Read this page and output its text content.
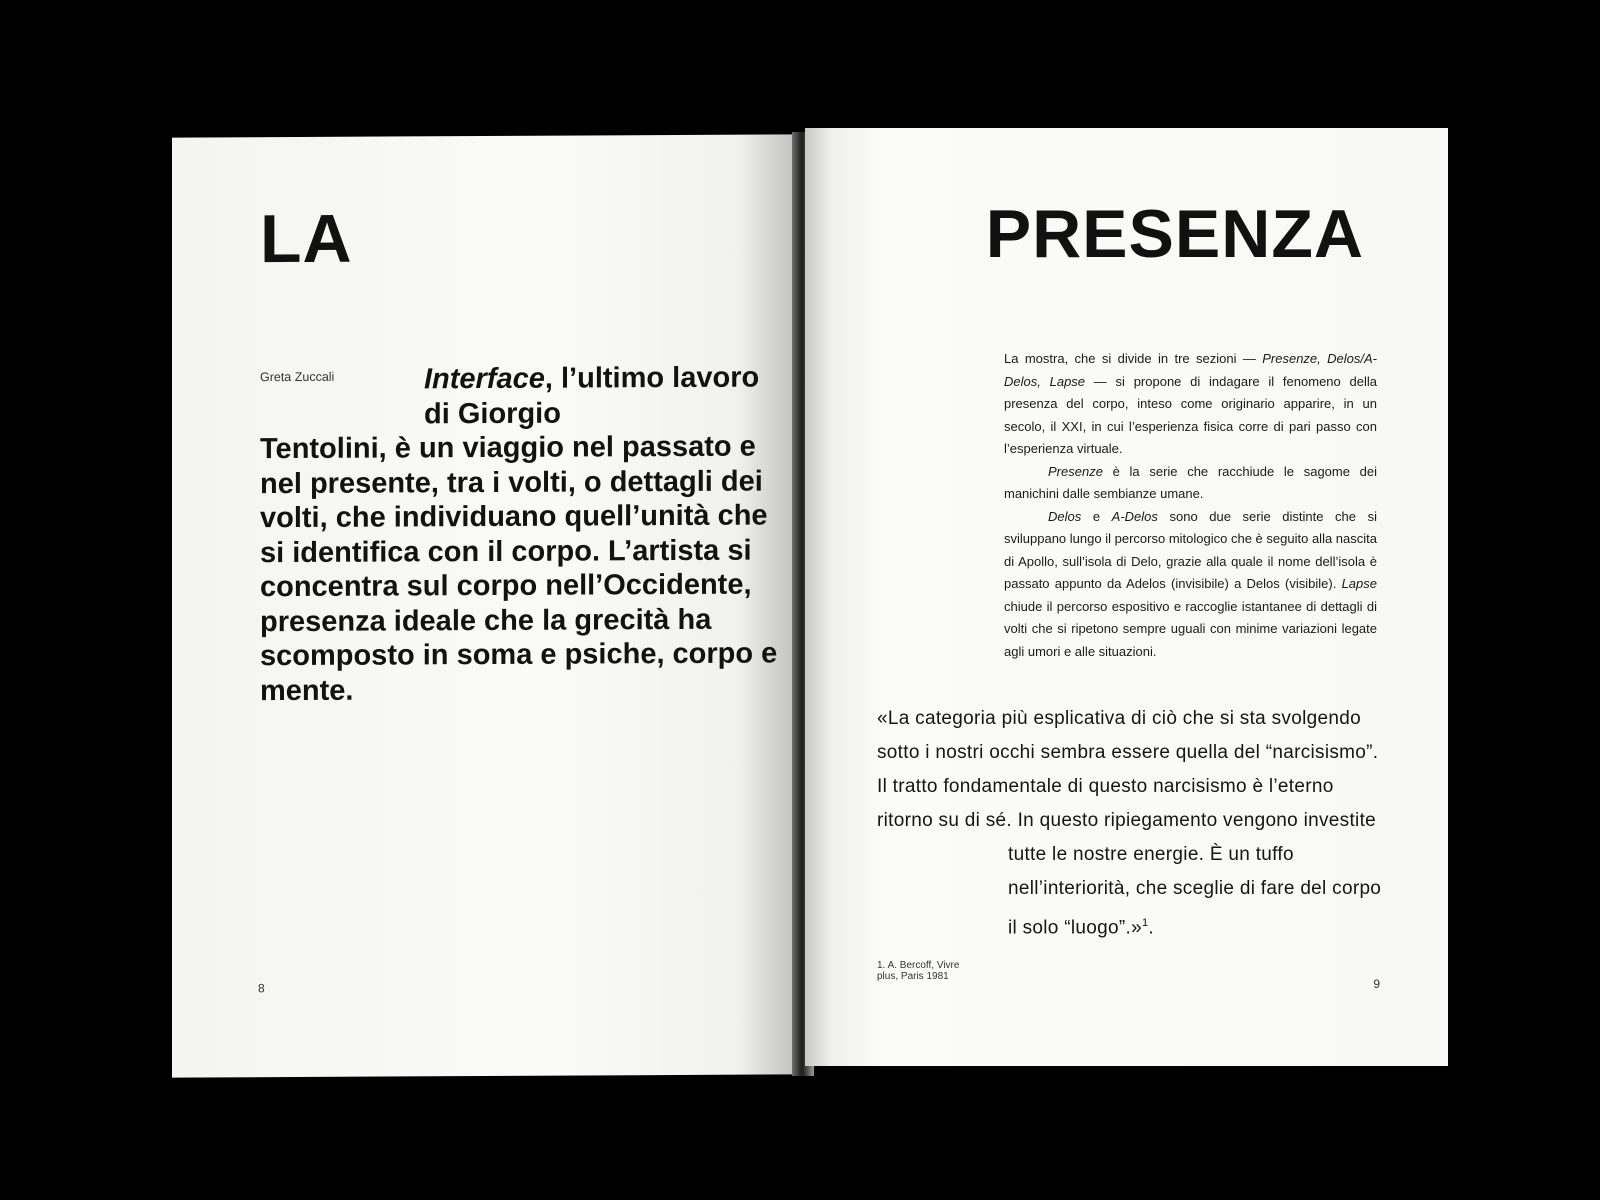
LA
Greta Zuccali	Interface, l’ultimo lavoro di Giorgio
Tentolini, è un viaggio nel passato e nel presente, tra i volti, o dettagli dei volti, che individuano quell’unità che si identifica con il corpo. L’artista si concentra sul corpo nell’Occidente, presenza ideale che la grecità ha scomposto in soma e psiche, corpo e mente.

8
PRESENZA

La mostra, che si divide in tre sezioni — Presenze, Delos/A-Delos, Lapse — si propone di indagare il fenomeno della presenza del corpo, inteso come originario apparire, in un secolo, il XXI, in cui l’esperienza fisica corre di pari passo con l’esperienza virtuale.

Presenze è la serie che racchiude le sagome dei manichini dalle sembianze umane.

Delos e A-Delos sono due serie distinte che si sviluppano lungo il percorso mitologico che è seguito alla nascita di Apollo, sull’isola di Delo, grazie alla quale il nome dell’isola è passato appunto da Adelos (invisibile) a Delos (visibile). Lapse chiude il percorso espositivo e raccoglie istantanee di dettagli di volti che si ripetono sempre uguali con minime variazioni legate agli umori e alle situazioni.

«La categoria più esplicativa di ciò che si sta svolgendo sotto i nostri occhi sembra essere quella del “narcisismo”. Il tratto fondamentale di questo narcisismo è l’eterno ritorno su di sé. In questo ripiegamento vengono investite
tutte le nostre energie. È un tuffo nell’interiorità, che sceglie di fare del corpo il solo “luogo”.»$^1$.

1. A. Bercoff, Vivre plus, Paris 1981
9
